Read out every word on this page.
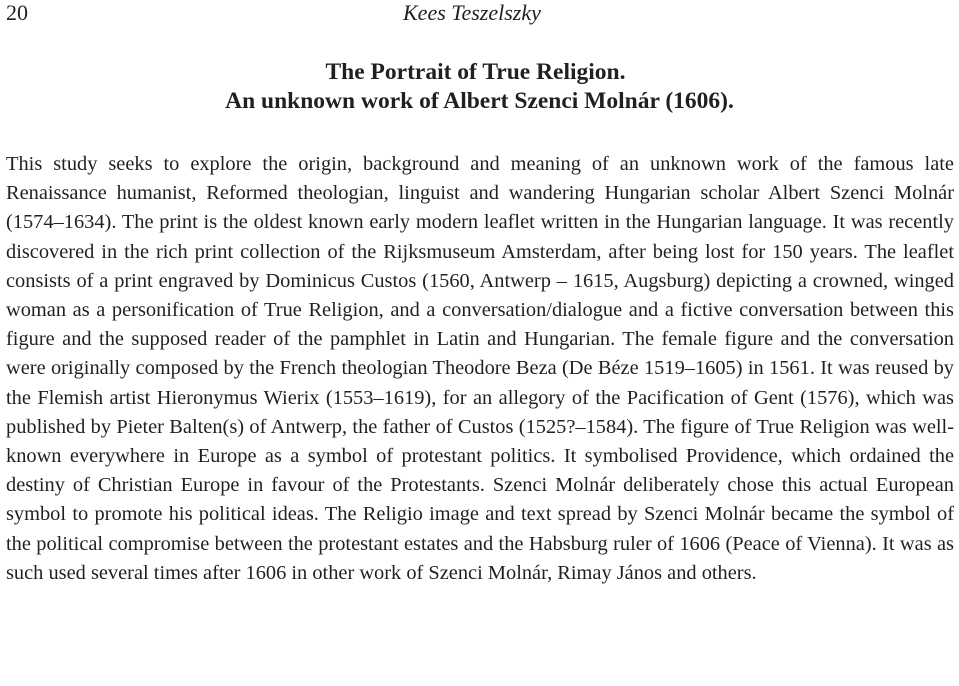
20	Kees Teszelszky
The Portrait of True Religion.
An unknown work of Albert Szenci Molnár (1606).

This study seeks to explore the origin, background and meaning of an unknown work of the famous late Renaissance humanist, Reformed theologian, linguist and wandering Hungarian scholar Albert Szenci Molnár (1574–1634). The print is the oldest known early modern leaflet written in the Hungarian language. It was recently discovered in the rich print collection of the Rijksmuseum Amsterdam, after being lost for 150 years. The leaflet consists of a print engraved by Dominicus Custos (1560, Antwerp – 1615, Augsburg) depicting a crowned, winged woman as a personification of True Religion, and a conversation/dialogue and a fictive conversation between this figure and the supposed reader of the pamphlet in Latin and Hungarian. The female figure and the conversation were originally composed by the French theologian Theodore Beza (De Béze 1519–1605) in 1561. It was reused by the Flemish artist Hieronymus Wierix (1553–1619), for an allegory of the Pacification of Gent (1576), which was published by Pieter Balten(s) of Antwerp, the father of Custos (1525?–1584). The figure of True Religion was well-known everywhere in Europe as a symbol of protestant politics. It symbolised Providence, which ordained the destiny of Christian Europe in favour of the Protestants. Szenci Molnár deliberately chose this actual European symbol to promote his political ideas. The Religio image and text spread by Szenci Molnár became the symbol of the political compromise between the protestant estates and the Habsburg ruler of 1606 (Peace of Vienna). It was as such used several times after 1606 in other work of Szenci Molnár, Rimay János and others.
